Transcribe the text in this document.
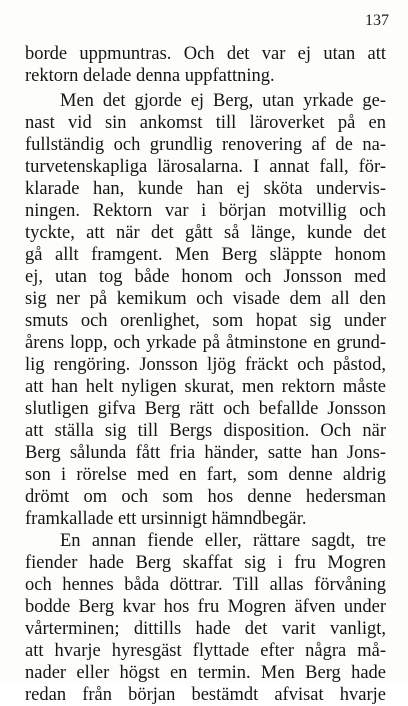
137
borde uppmuntras. Och det var ej utan att
rektorn delade denna uppfattning.
Men det gjorde ej Berg, utan yrkade ge-
nast vid sin ankomst till läroverket på en
fullständig och grundlig renovering af de na-
turvetenskapliga lärosalarna. I annat fall, för-
klarade han, kunde han ej sköta undervis-
ningen. Rektorn var i början motvillig och
tyckte, att när det gått så länge, kunde det
gå allt framgent. Men Berg släppte honom
ej, utan tog både honom och Jonsson med
sig ner på kemikum och visade dem all den
smuts och orenlighet, som hopat sig under
årens lopp, och yrkade på åtminstone en grund-
lig rengöring. Jonsson ljög fräckt och påstod,
att han helt nyligen skurat, men rektorn måste
slutligen gifva Berg rätt och befallde Jonsson
att ställa sig till Bergs disposition. Och när
Berg sålunda fått fria händer, satte han Jons-
son i rörelse med en fart, som denne aldrig
drömt om och som hos denne hedersman
framkallade ett ursinnigt hämndbegär.
En annan fiende eller, rättare sagdt, tre
fiender hade Berg skaffat sig i fru Mogren
och hennes båda döttrar. Till allas förvåning
bodde Berg kvar hos fru Mogren äfven under
vårterminen; dittills hade det varit vanligt,
att hvarje hyresgäst flyttade efter några må-
nader eller högst en termin. Men Berg hade
redan från början bestämdt afvisat hvarje
